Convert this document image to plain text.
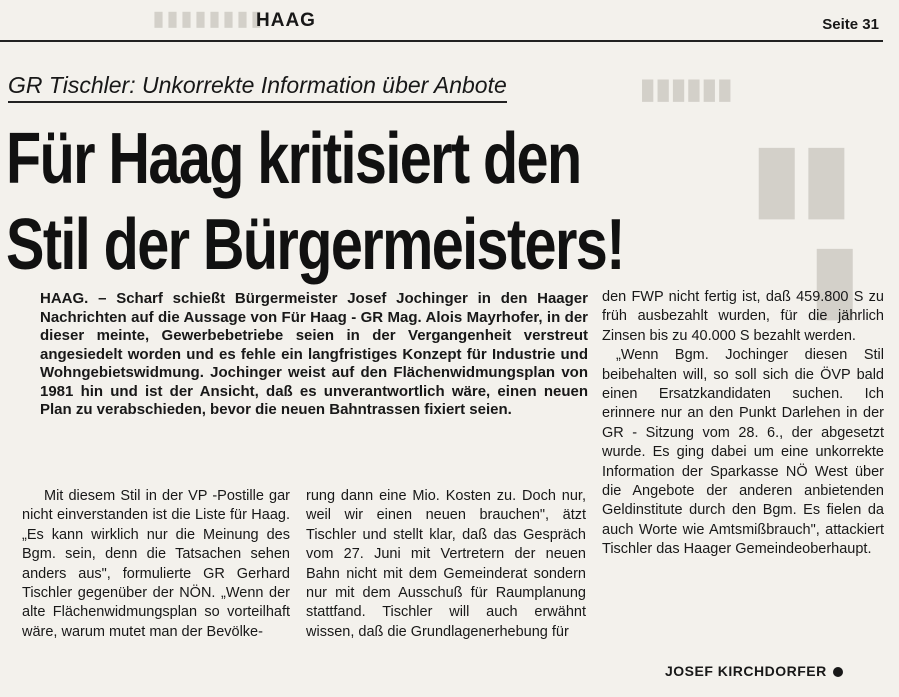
▮▮▮▮▮▮▮▮
▮▮▮▮▮▮
▮▮
▮
HAAG	Seite 31
GR Tischler: Unkorrekte Information über Anbote
Für Haag kritisiert den
Stil der Bürgermeisters!
HAAG. – Scharf schießt Bürgermeister Josef Jochinger in den Haager Nachrichten auf die Aussage von Für Haag - GR Mag. Alois Mayrhofer, in der dieser meinte, Gewerbebetriebe seien in der Vergangenheit verstreut angesiedelt worden und es fehle ein langfristiges Konzept für Industrie und Wohngebietswidmung. Jochinger weist auf den Flächenwidmungsplan von 1981 hin und ist der Ansicht, daß es unverantwortlich wäre, einen neuen Plan zu verabschieden, bevor die neuen Bahntrassen fixiert seien.
Mit diesem Stil in der VP -Postille gar nicht einverstanden ist die Liste für Haag. „Es kann wirklich nur die Meinung des Bgm. sein, denn die Tatsachen sehen anders aus", formulierte GR Gerhard Tischler gegenüber der NÖN. „Wenn der alte Flächenwidmungsplan so vorteilhaft wäre, warum mutet man der Bevölke-
rung dann eine Mio. Kosten zu. Doch nur, weil wir einen neuen brauchen", ätzt Tischler und stellt klar, daß das Gespräch vom 27. Juni mit Vertretern der neuen Bahn nicht mit dem Gemeinderat sondern nur mit dem Ausschuß für Raumplanung stattfand. Tischler will auch erwähnt wissen, daß die Grundlagenerhebung für

den FWP nicht fertig ist, daß 459.800 S zu früh ausbezahlt wurden, für die jährlich Zinsen bis zu 40.000 S bezahlt werden.

„Wenn Bgm. Jochinger diesen Stil beibehalten will, so soll sich die ÖVP bald einen Ersatzkandidaten suchen. Ich erinnere nur an den Punkt Darlehen in der GR - Sitzung vom 28. 6., der abgesetzt wurde. Es ging dabei um eine unkorrekte Information der Sparkasse NÖ West über die Angebote der anderen anbietenden Geldinstitute durch den Bgm. Es fielen da auch Worte wie Amtsmißbrauch", attackiert Tischler das Haager Gemeindeoberhaupt.

JOSEF KIRCHDORFER
